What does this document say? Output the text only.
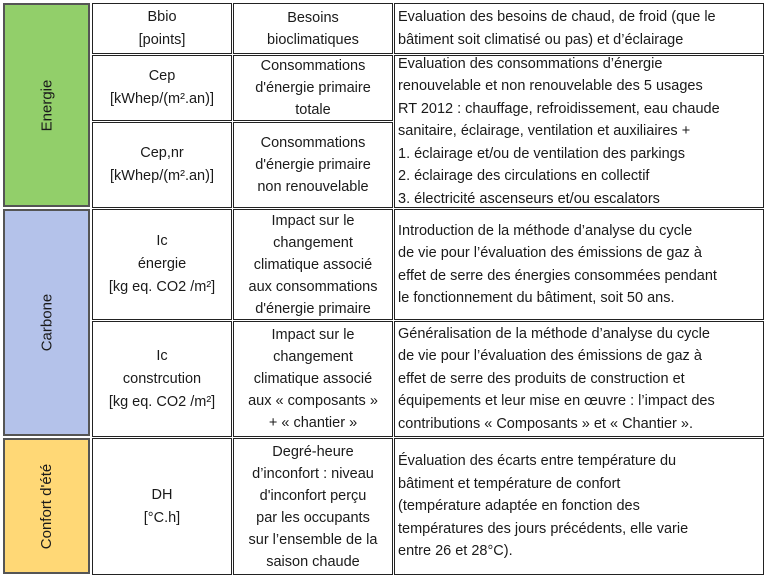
Energie
Carbone
Confort d'été
Bbio
[points]
Besoins
bioclimatiques
Evaluation des besoins de chaud, de froid (que le
bâtiment soit climatisé ou pas) et d’éclairage
Cep
[kWhep/(m².an)]
Consommations
d'énergie primaire
totale
Evaluation des consommations d’énergie
renouvelable et non renouvelable des 5 usages
RT 2012 : chauffage, refroidissement, eau chaude
sanitaire, éclairage, ventilation et auxiliaires +
1. éclairage et/ou de ventilation des parkings
2. éclairage des circulations en collectif
3. électricité ascenseurs et/ou escalators
Cep,nr
[kWhep/(m².an)]
Consommations
d'énergie primaire
non renouvelable
Ic
énergie
[kg eq. CO2 /m²]
Impact sur le
changement
climatique associé
aux consommations
d'énergie primaire
Introduction de la méthode d’analyse du cycle
de vie pour l’évaluation des émissions de gaz à
effet de serre des énergies consommées pendant
le fonctionnement du bâtiment, soit 50 ans.
Ic
constrcution
[kg eq. CO2 /m²]
Impact sur le
changement
climatique associé
aux « composants »
+ « chantier »
Généralisation de la méthode d’analyse du cycle
de vie pour l’évaluation des émissions de gaz à
effet de serre des produits de construction et
équipements et leur mise en œuvre : l’impact des
contributions « Composants » et « Chantier ».
DH
[°C.h]
Degré-heure
d’inconfort : niveau
d'inconfort perçu
par les occupants
sur l’ensemble de la
saison chaude
Évaluation des écarts entre température du
bâtiment et température de confort
(température adaptée en fonction des
températures des jours précédents, elle varie
entre 26 et 28°C).
